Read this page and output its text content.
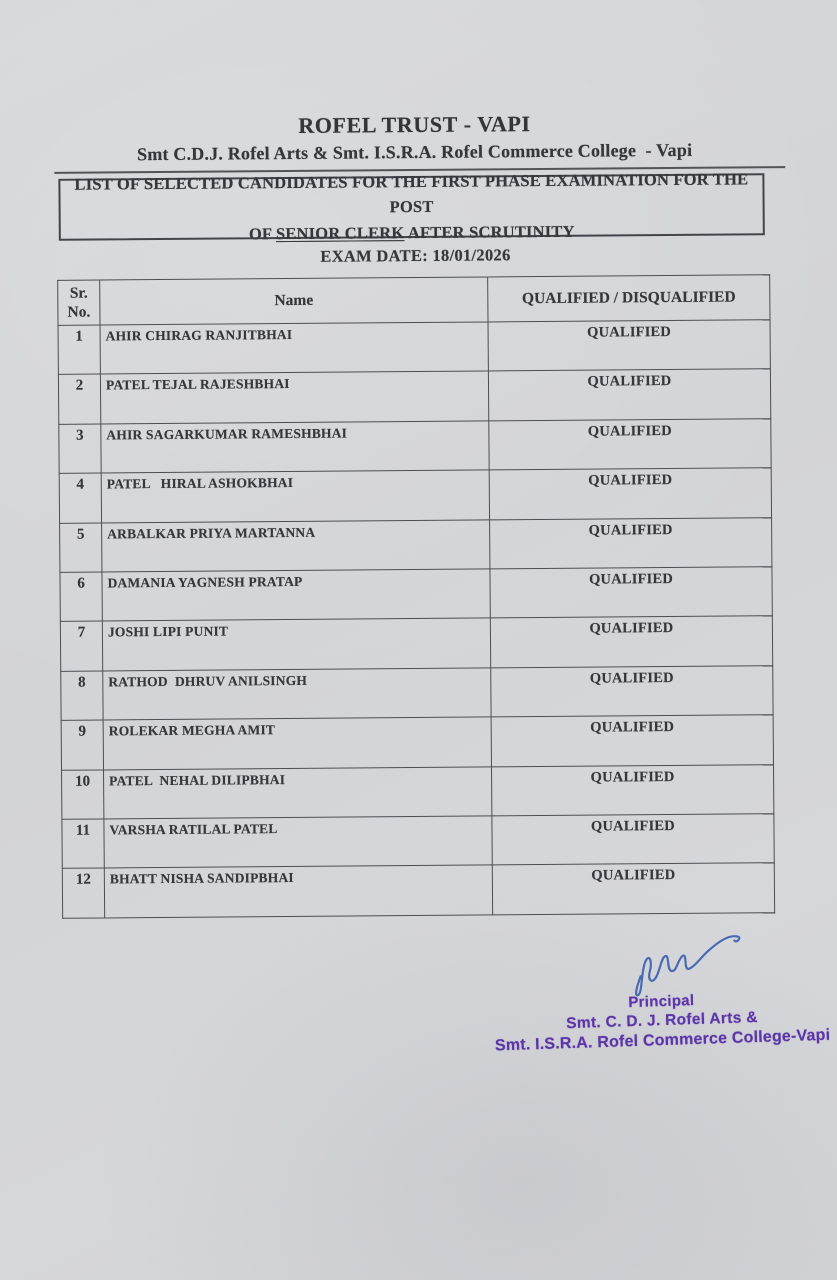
ROFEL TRUST - VAPI
Smt C.D.J. Rofel Arts & Smt. I.S.R.A. Rofel Commerce College  - Vapi
LIST OF SELECTED CANDIDATES FOR THE FIRST PHASE EXAMINATION FOR THE  POST
OF SENIOR CLERK AFTER SCRUTINITY
EXAM DATE: 18/01/2026
Sr.
No.	Name	QUALIFIED / DISQUALIFIED
1	AHIR CHIRAG RANJITBHAI	QUALIFIED
2	PATEL TEJAL RAJESHBHAI	QUALIFIED
3	AHIR SAGARKUMAR RAMESHBHAI	QUALIFIED
4	PATEL   HIRAL ASHOKBHAI	QUALIFIED
5	ARBALKAR PRIYA MARTANNA	QUALIFIED
6	DAMANIA YAGNESH PRATAP	QUALIFIED
7	JOSHI LIPI PUNIT	QUALIFIED
8	RATHOD  DHRUV ANILSINGH	QUALIFIED
9	ROLEKAR MEGHA AMIT	QUALIFIED
10	PATEL  NEHAL DILIPBHAI	QUALIFIED
11	VARSHA RATILAL PATEL	QUALIFIED
12	BHATT NISHA SANDIPBHAI	QUALIFIED
Principal
Smt. C. D. J. Rofel Arts &
Smt. I.S.R.A. Rofel Commerce College-Vapi
